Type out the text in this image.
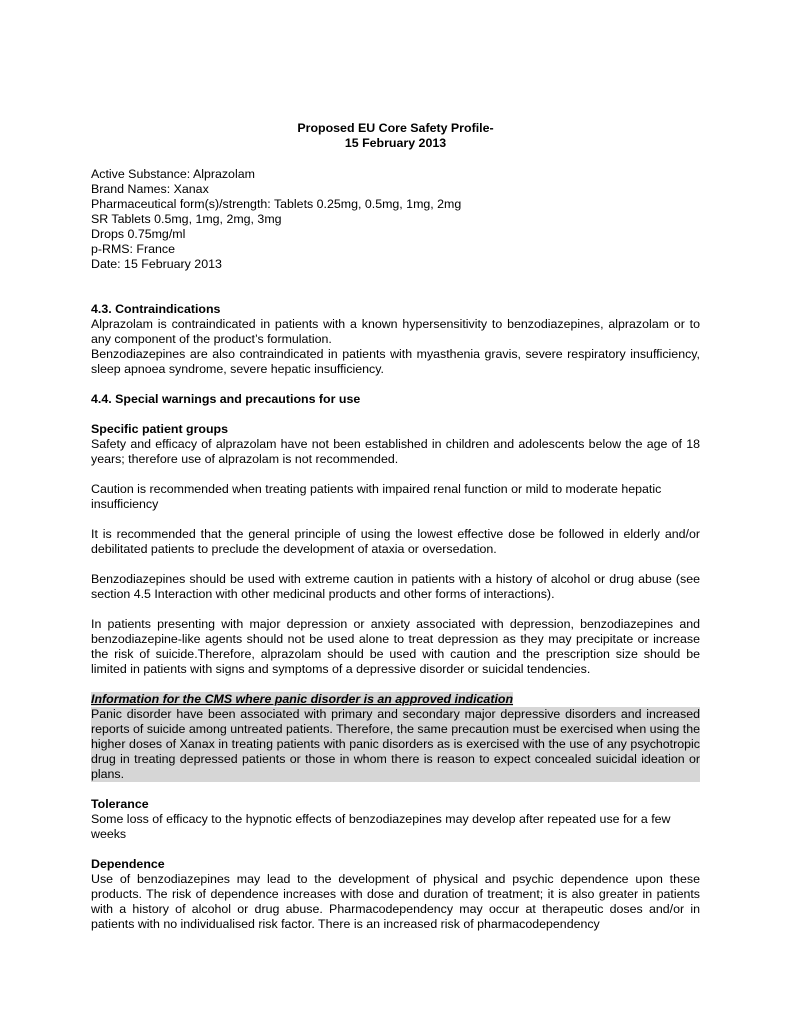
Proposed EU Core Safety Profile-

15 February 2013

Active Substance: Alprazolam

Brand Names: Xanax

Pharmaceutical form(s)/strength: Tablets 0.25mg, 0.5mg, 1mg, 2mg

SR Tablets 0.5mg, 1mg, 2mg, 3mg

Drops 0.75mg/ml

p-RMS: France

Date: 15 February 2013

4.3. Contraindications

Alprazolam is contraindicated in patients with a known hypersensitivity to benzodiazepines, alprazolam or to any component of the product’s formulation.

Benzodiazepines are also contraindicated in patients with myasthenia gravis, severe respiratory insufficiency, sleep apnoea syndrome, severe hepatic insufficiency.

4.4. Special warnings and precautions for use

Specific patient groups

Safety and efficacy of alprazolam have not been established in children and adolescents below the age of 18 years; therefore use of alprazolam is not recommended.

Caution is recommended when treating patients with impaired renal function or mild to moderate hepatic insufficiency

It is recommended that the general principle of using the lowest effective dose be followed in elderly and/or debilitated patients to preclude the development of ataxia or oversedation.

Benzodiazepines should be used with extreme caution in patients with a history of alcohol or drug abuse (see section 4.5 Interaction with other medicinal products and other forms of interactions).

In patients presenting with major depression or anxiety associated with depression, benzodiazepines and benzodiazepine-like agents should not be used alone to treat depression as they may precipitate or increase the risk of suicide.Therefore, alprazolam should be used with caution and the prescription size should be limited in patients with signs and symptoms of a depressive disorder or suicidal tendencies.

Information for the CMS where panic disorder is an approved indication

Panic disorder have been associated with primary and secondary major depressive disorders and increased reports of suicide among untreated patients. Therefore, the same precaution must be exercised when using the higher doses of Xanax in treating patients with panic disorders as is exercised with the use of any psychotropic drug in treating depressed patients or those in whom there is reason to expect concealed suicidal ideation or plans.

Tolerance

Some loss of efficacy to the hypnotic effects of benzodiazepines may develop after repeated use for a few weeks

Dependence

Use of benzodiazepines may lead to the development of physical and psychic dependence upon these products. The risk of dependence increases with dose and duration of treatment; it is also greater in patients with a history of alcohol or drug abuse. Pharmacodependency may occur at therapeutic doses and/or in patients with no individualised risk factor. There is an increased risk of pharmacodependency
